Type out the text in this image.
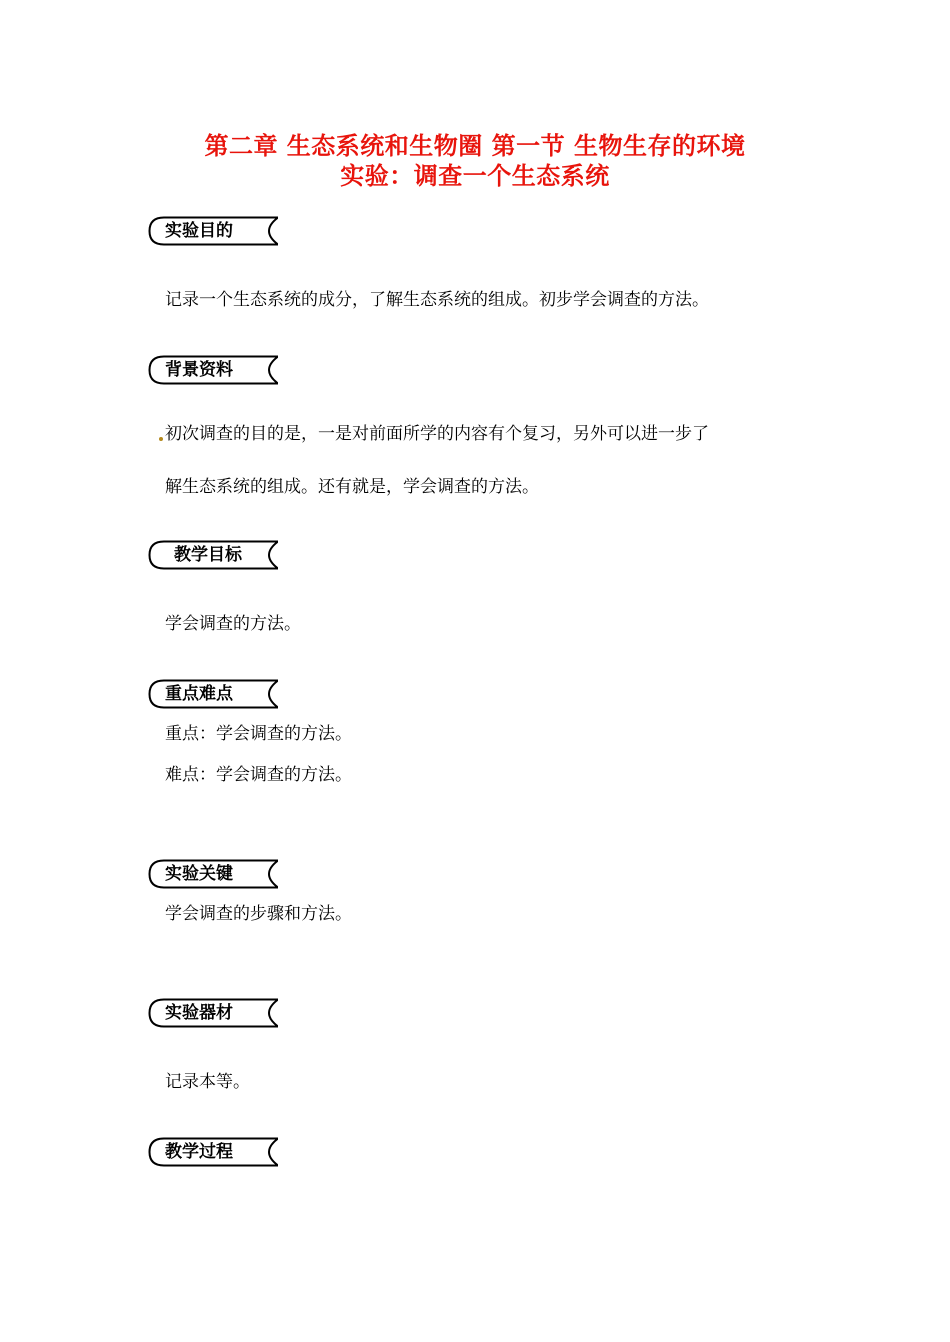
第二章 生态系统和生物圈 第一节 生物生存的环境
实验：调查一个生态系统
实验目的
记录一个生态系统的成分，了解生态系统的组成。初步学会调查的方法。
背景资料
初次调查的目的是，一是对前面所学的内容有个复习，另外可以进一步了
解生态系统的组成。还有就是，学会调查的方法。
教学目标
学会调查的方法。
重点难点
重点：学会调查的方法。
难点：学会调查的方法。
实验关键
学会调查的步骤和方法。
实验器材
记录本等。
教学过程
